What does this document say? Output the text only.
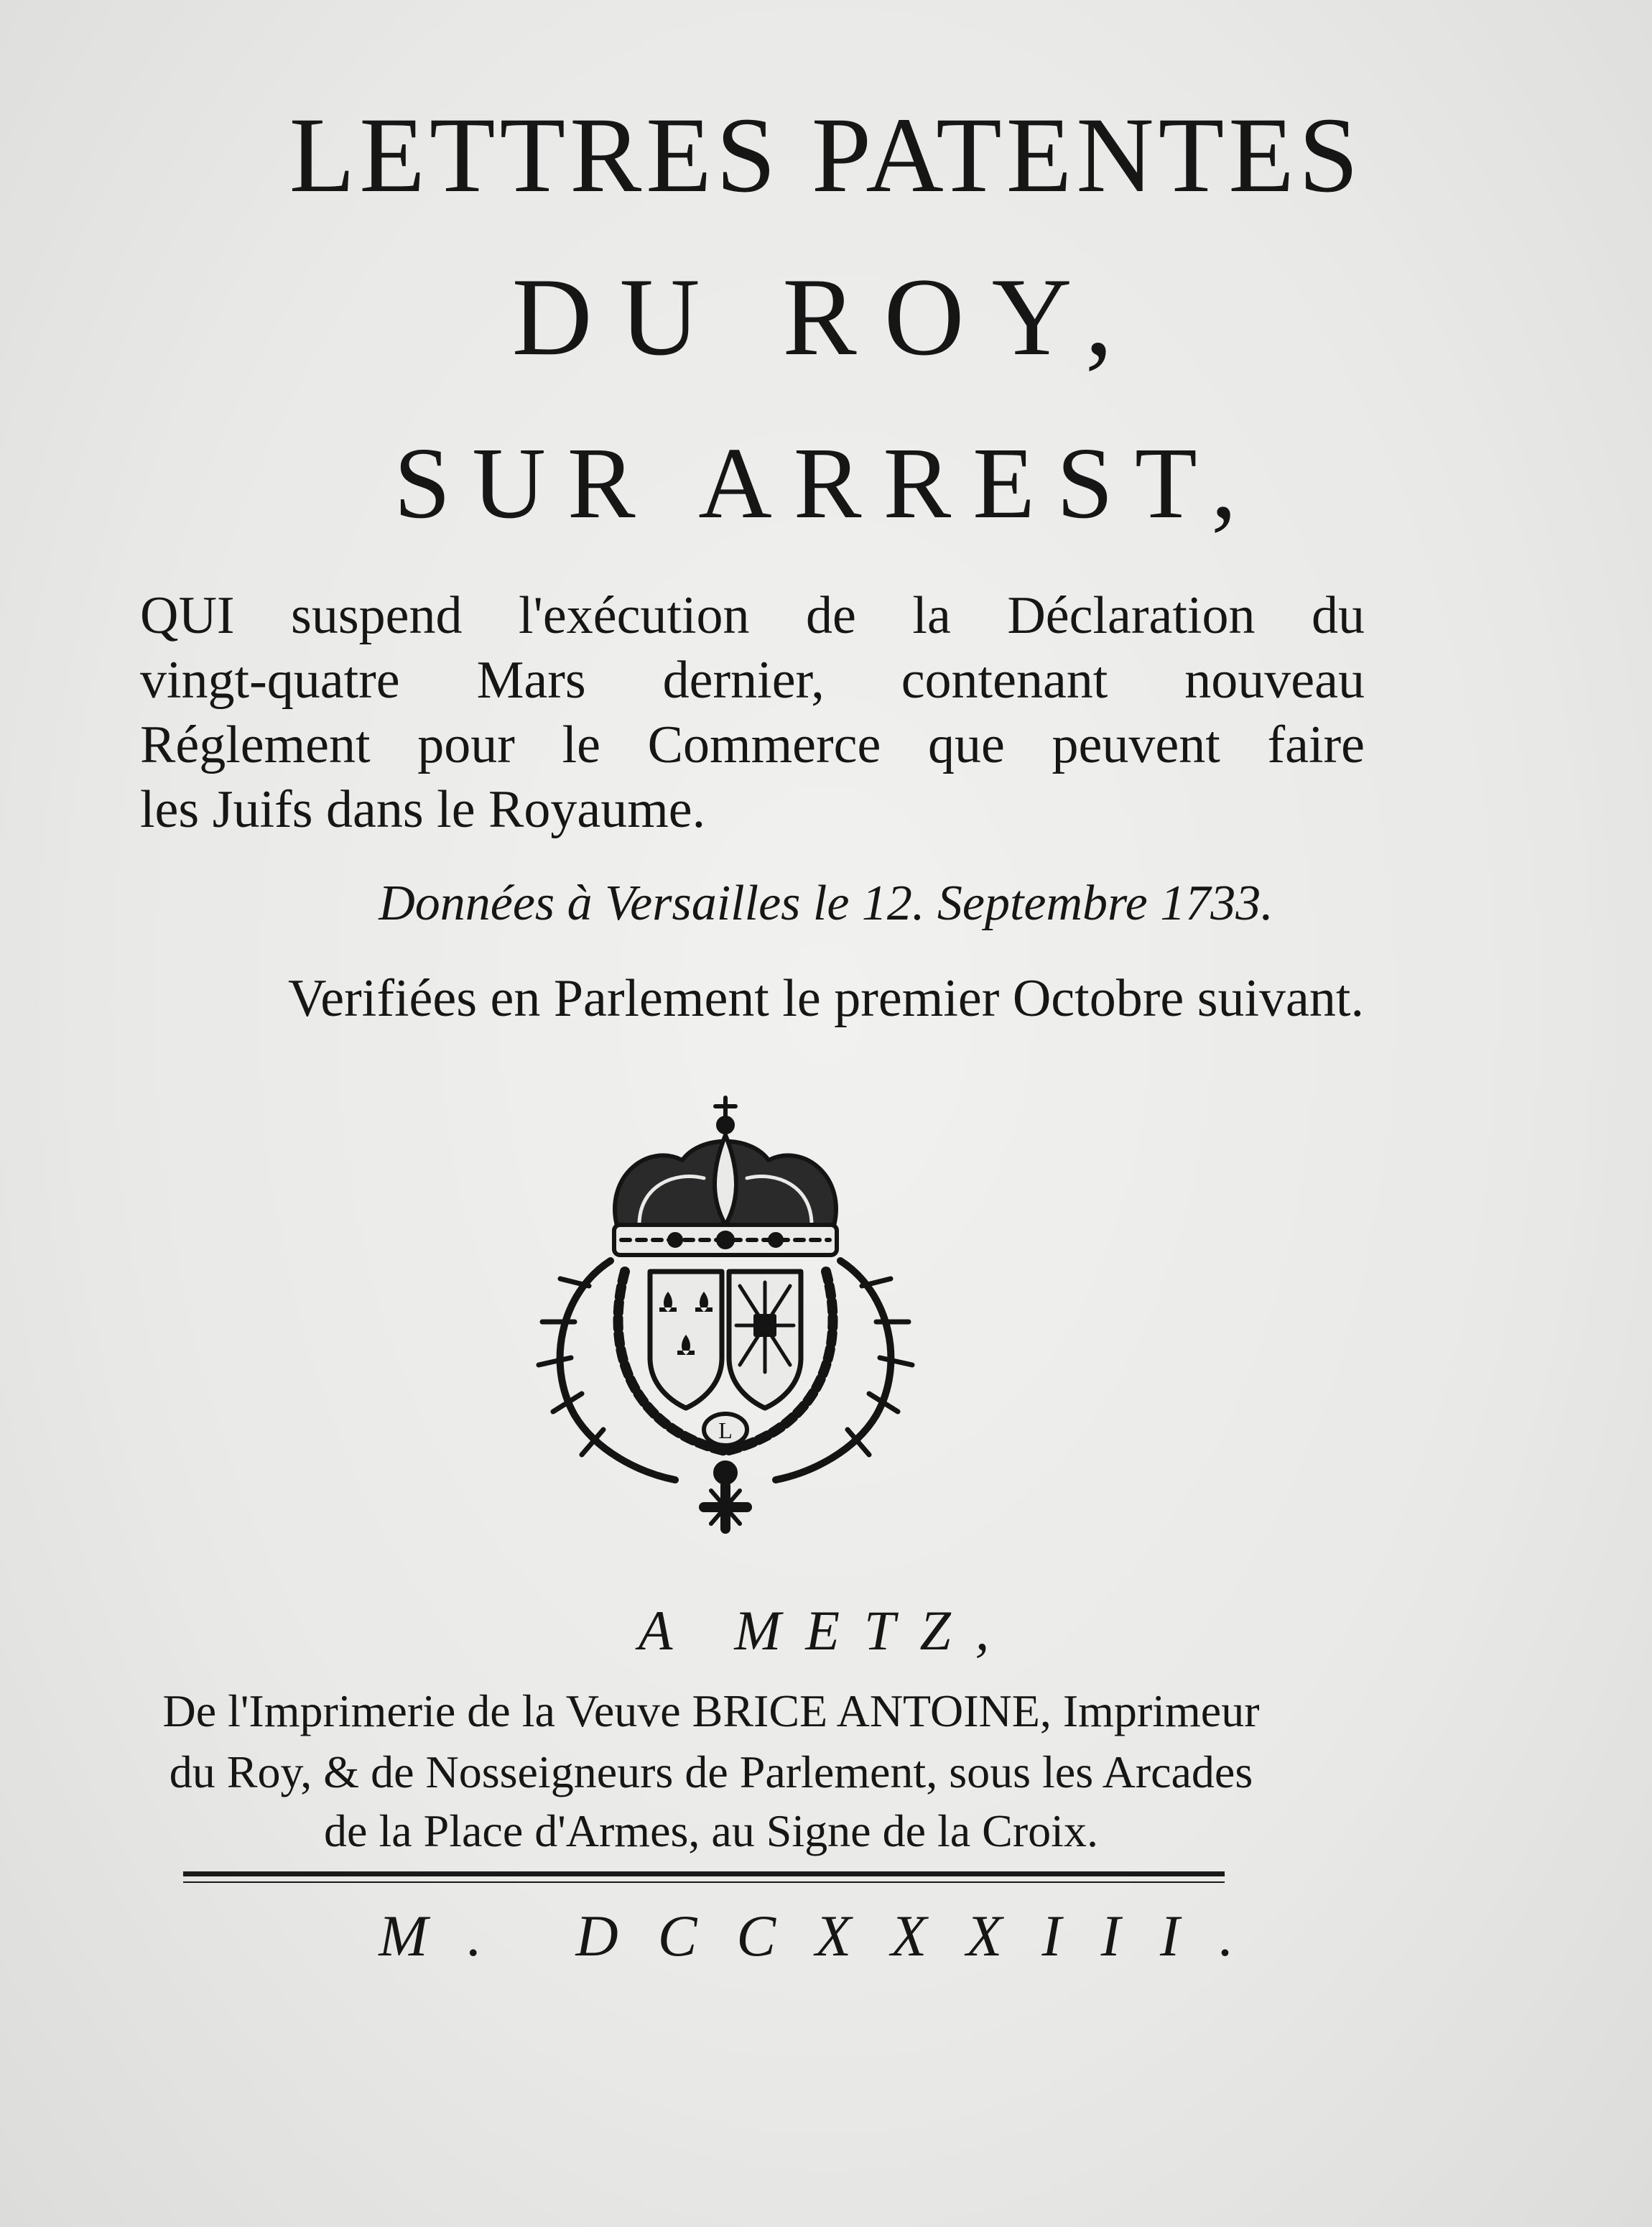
LETTRES PATENTES
DU ROY,
SUR ARREST,
QUI suspend l'exécution de la Déclaration du
vingt-quatre Mars dernier, contenant nouveau
Réglement pour le Commerce que peuvent faire
les Juifs dans le Royaume.
Données à Versailles le 12. Septembre 1733.
Verifiées en Parlement le premier Octobre suivant.
L
A METZ,
De l'Imprimerie de la Veuve BRICE ANTOINE, Imprimeur
du Roy, & de Nosseigneurs de Parlement, sous les Arcades
de la Place d'Armes, au Signe de la Croix.
M. DCCXXXIII.
